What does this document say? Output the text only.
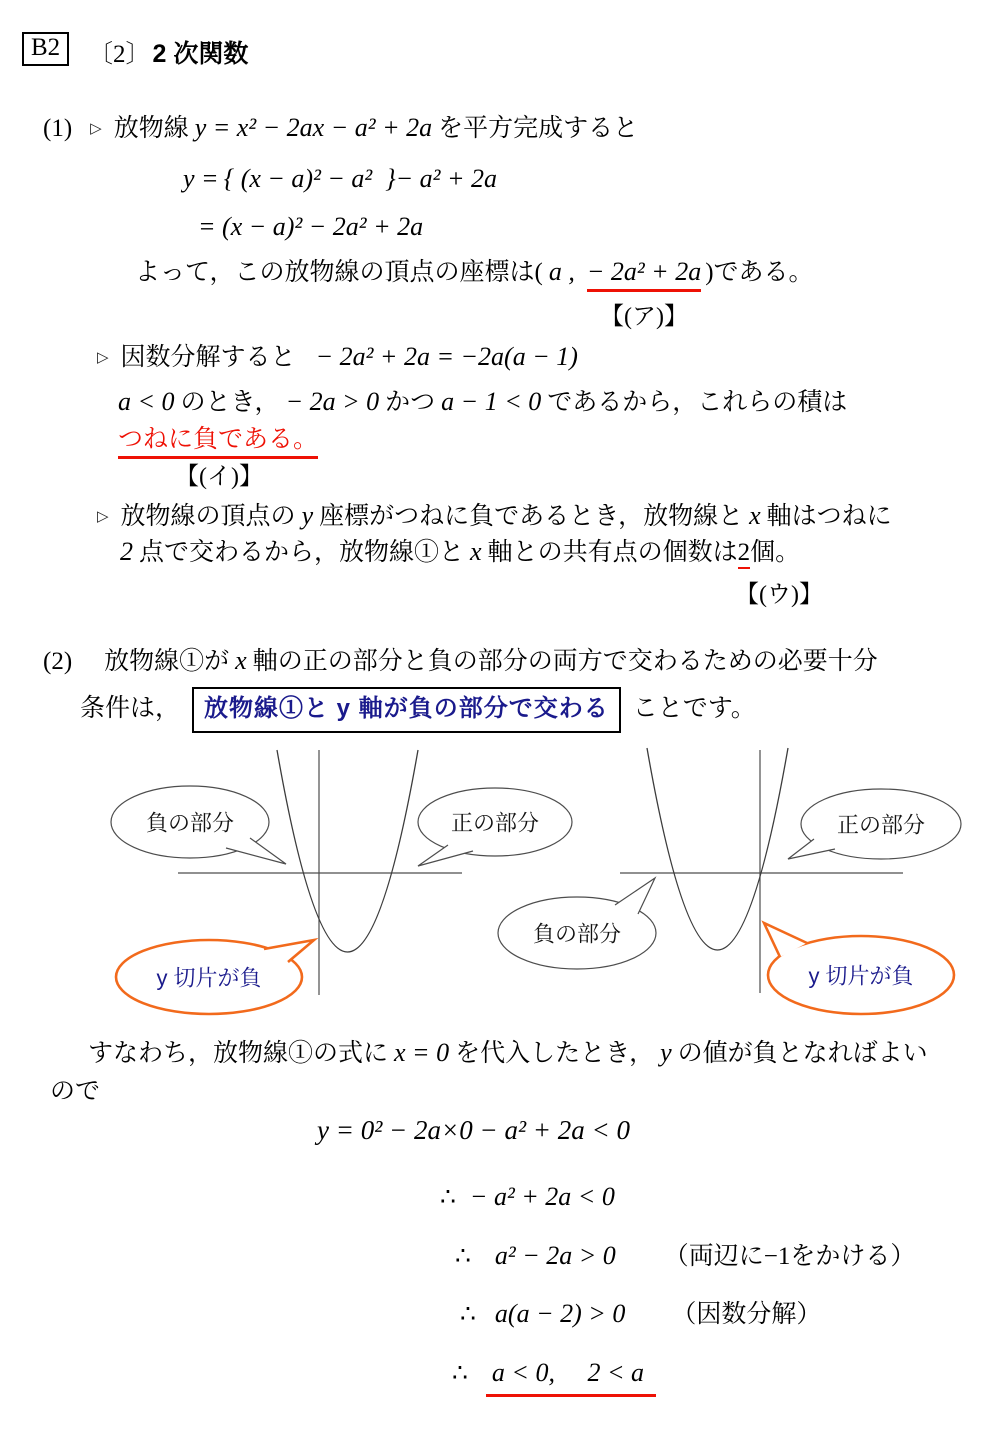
B2	〔2〕2 次関数
(1) ▷ 放物線 y = x² − 2ax − a² + 2a を平方完成すると
y = { (x − a)² − a² }− a² + 2a
= (x − a)² − 2a² + 2a
よって，この放物線の頂点の座標は( a , − 2a² + 2a )である。
【(ア)】
▷ 因数分解すると − 2a² + 2a = −2a(a − 1)
a < 0 のとき， − 2a > 0 かつ a − 1 < 0 であるから，これらの積は
つねに負である。
【(イ)】
▷ 放物線の頂点の y 座標がつねに負であるとき，放物線と x 軸はつねに
2 点で交わるから，放物線①と x 軸との共有点の個数は2個。
【(ウ)】
(2) 放物線①が x 軸の正の部分と負の部分の両方で交わるための必要十分
条件は， 放物線①と y 軸が負の部分で交わる ことです。
負の部分	正の部分	正の部分
負の部分
y 切片が負	y 切片が負
すなわち，放物線①の式に x = 0 を代入したとき， y の値が負となればよい
ので
y = 0² − 2a×0 − a² + 2a < 0
∴ − a² + 2a < 0
∴ a² − 2a > 0 （両辺に−1をかける）
∴ a(a − 2) > 0 （因数分解）
∴ a < 0,  2 < a
